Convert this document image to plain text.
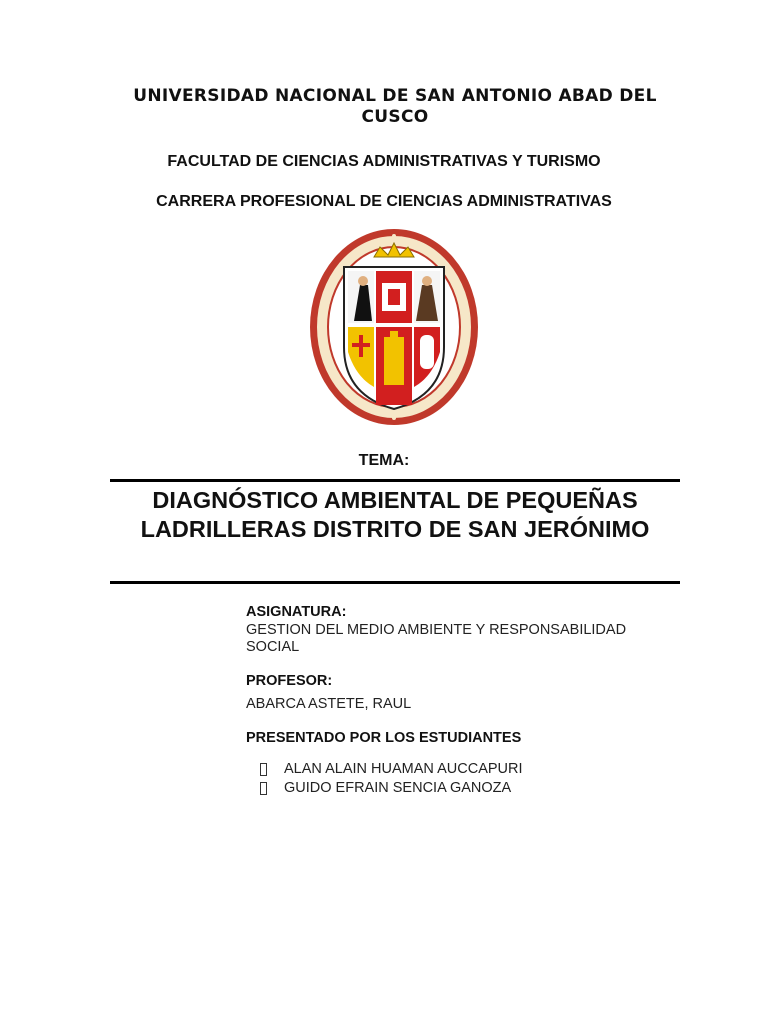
UNIVERSIDAD NACIONAL DE SAN ANTONIO ABAD DEL CUSCO
FACULTAD DE CIENCIAS ADMINISTRATIVAS Y TURISMO
CARRERA PROFESIONAL DE CIENCIAS ADMINISTRATIVAS
TEMA:
DIAGNÓSTICO AMBIENTAL DE PEQUEÑAS LADRILLERAS DISTRITO DE SAN JERÓNIMO
ASIGNATURA:
GESTION DEL MEDIO AMBIENTE Y RESPONSABILIDAD SOCIAL
PROFESOR:
ABARCA ASTETE, RAUL
PRESENTADO POR LOS ESTUDIANTES
ALAN ALAIN HUAMAN AUCCAPURI
GUIDO EFRAIN SENCIA GANOZA
